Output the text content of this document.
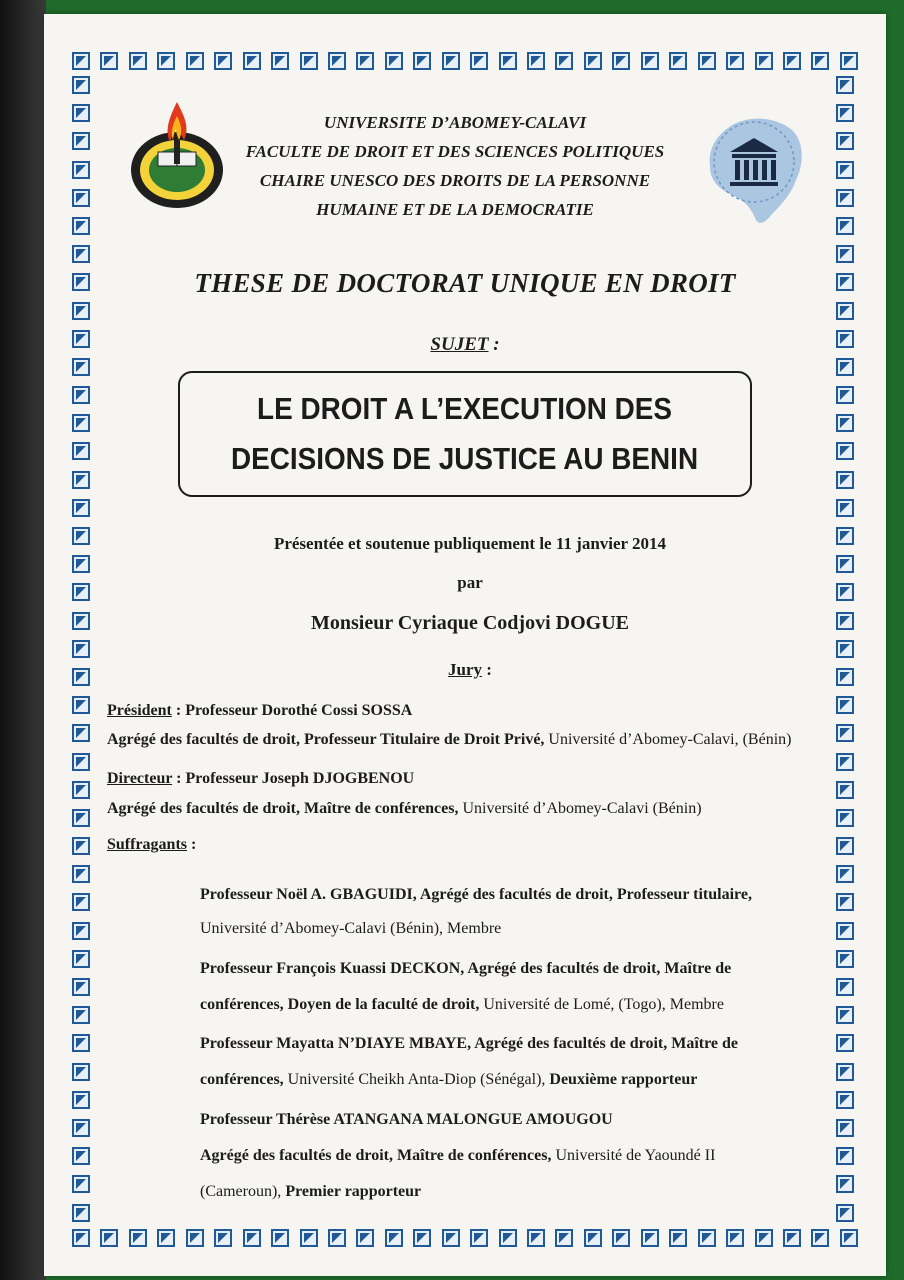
UNIVERSITE D’ABOMEY-CALAVI
FACULTE DE DROIT ET DES SCIENCES POLITIQUES
CHAIRE UNESCO DES DROITS DE LA PERSONNE
HUMAINE ET DE LA DEMOCRATIE
THESE DE DOCTORAT UNIQUE EN DROIT
SUJET :
LE DROIT A L’EXECUTION DES
DECISIONS DE JUSTICE AU BENIN
Présentée et soutenue publiquement le 11 janvier 2014
par
Monsieur Cyriaque Codjovi DOGUE
Jury :
Président : Professeur Dorothé Cossi SOSSA
Agrégé des facultés de droit, Professeur Titulaire de Droit Privé, Université d’Abomey-Calavi, (Bénin)
Directeur : Professeur Joseph DJOGBENOU
Agrégé des facultés de droit, Maître de conférences, Université d’Abomey-Calavi (Bénin)
Suffragants :
Professeur Noël A. GBAGUIDI, Agrégé des facultés de droit, Professeur titulaire,
Université d’Abomey-Calavi (Bénin), Membre
Professeur François Kuassi DECKON, Agrégé des facultés de droit, Maître de
conférences, Doyen de la faculté de droit, Université de Lomé, (Togo), Membre
Professeur Mayatta N’DIAYE MBAYE, Agrégé des facultés de droit, Maître de
conférences, Université Cheikh Anta-Diop (Sénégal), Deuxième rapporteur
Professeur Thérèse ATANGANA MALONGUE AMOUGOU
Agrégé des facultés de droit, Maître de conférences, Université de Yaoundé II
(Cameroun), Premier rapporteur
